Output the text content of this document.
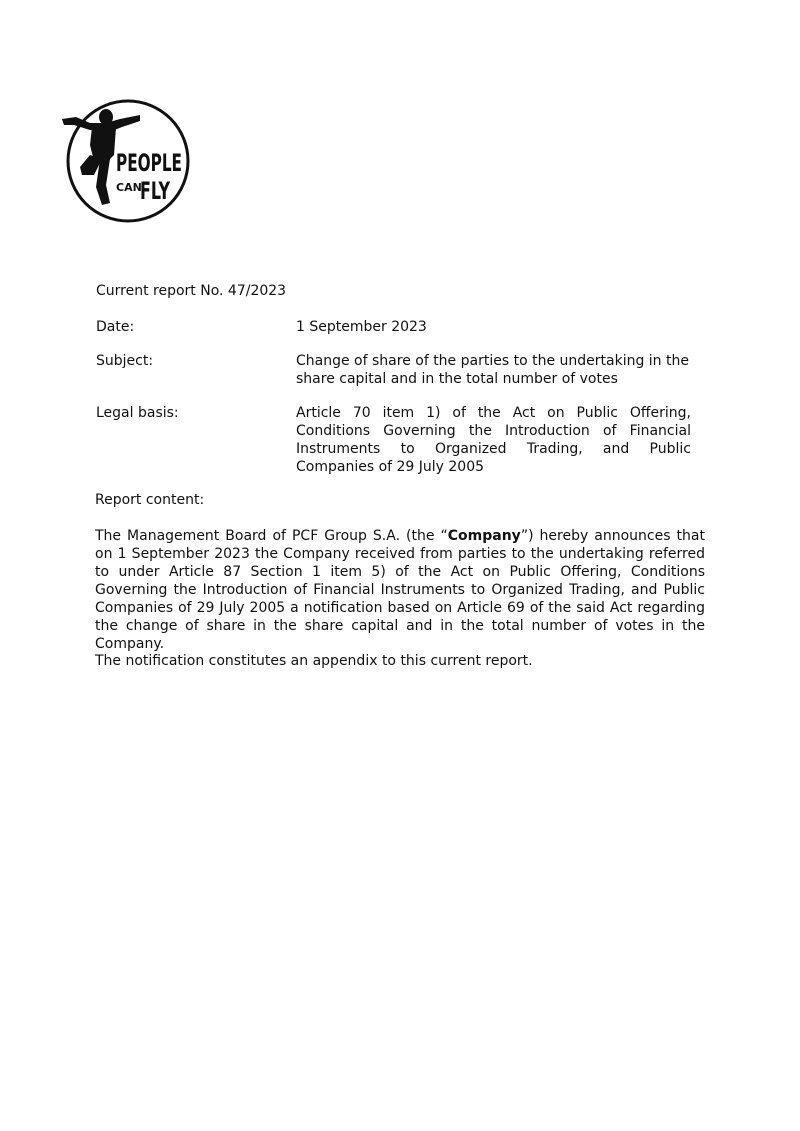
PEOPLE
CAN
FLY
Current report No. 47/2023
Date:	1 September 2023
Subject:	Change of share of the parties to the undertaking in the share capital and in the total number of votes
Legal basis:	Article 70 item 1) of the Act on Public Offering, Conditions Governing the Introduction of Financial Instruments to Organized Trading, and Public Companies of 29 July 2005
Report content:

The Management Board of PCF Group S.A. (the “Company”) hereby announces that on 1 September 2023 the Company received from parties to the undertaking referred to under Article 87 Section 1 item 5) of the Act on Public Offering, Conditions Governing the Introduction of Financial Instruments to Organized Trading, and Public Companies of 29 July 2005 a notification based on Article 69 of the said Act regarding the change of share in the share capital and in the total number of votes in the Company.

The notification constitutes an appendix to this current report.
